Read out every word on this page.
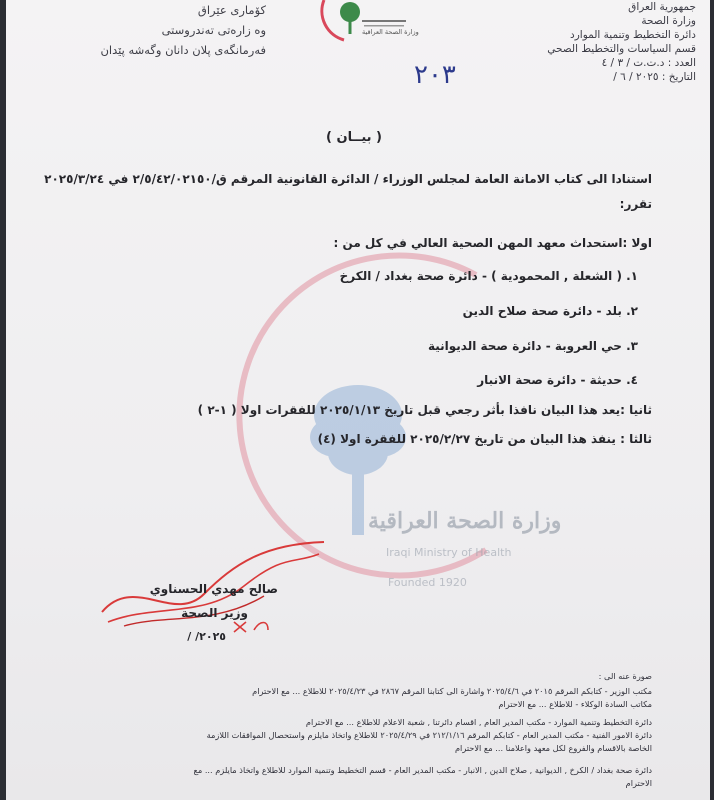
جمهورية العراق
وزارة الصحة
دائرة التخطيط وتنمية الموارد
قسم السياسات والتخطيط الصحي
العدد : د.ت.ت / ٣ / ٤
التاريخ : ٢٠٢٥ / ٦ /
کۆماری عێراق
وه زاره‌تی ته‌ندروستی
فه‌رمانگه‌ی پلان دانان وگه‌شه‌ پێدان
وزارة الصحة العراقية
٢٠٣
( بيــان )
وزارة الصحة العراقية
Iraqi Ministry of Health
Founded 1920
استنادا الى كتاب الامانة العامة لمجلس الوزراء / الدائرة القانونية المرقم ق/٢/٥/٤٢/٠٢١٥٠ في ٢٠٢٥/٣/٢٤
تقرر:
اولا :استحداث معهد المهن الصحية العالي في كل من :
١. ( الشعلة , المحمودية ) - دائرة صحة بغداد / الكرخ
٢. بلد - دائرة صحة صلاح الدين
٣. حي العروبة - دائرة صحة الديوانية
٤. حديثة - دائرة صحة الانبار
ثانيا :يعد هذا البيان نافذا بأثر رجعي قبل تاريخ ٢٠٢٥/١/١٣ للفقرات اولا ( ١-٢ )
ثالثا : ينفذ هذا البيان من تاريخ ٢٠٢٥/٢/٢٧ للفقرة اولا (٤)
صالح مهدي الحسناوي
وزير الصحة
٢٠٢٥/ /
صورة عنه الى :
مكتب الوزير - كتابكم المرقم ٢٠١٥ في ٢٠٢٥/٤/٦ واشارة الى كتابنا المرقم ٢٨٦٧ في ٢٠٢٥/٤/٢٣ للاطلاع ... مع الاحترام
مكاتب السادة الوكلاء - للاطلاع ... مع الاحترام
دائرة التخطيط وتنمية الموارد - مكتب المدير العام , اقسام دائرتنا , شعبة الاعلام للاطلاع ... مع الاحترام
دائرة الامور الفنية - مكتب المدير العام - كتابكم المرقم ٢١٢/١/١٦ في ٢٠٢٥/٤/٢٩ للاطلاع واتخاذ مايلزم واستحصال الموافقات اللازمة
الخاصة بالاقسام والفروع لكل معهد واعلامنا ... مع الاحترام
دائرة صحة بغداد / الكرخ , الديوانية , صلاح الدين , الانبار - مكتب المدير العام - قسم التخطيط وتنمية الموارد للاطلاع واتخاذ مايلزم ... مع
الاحترام
